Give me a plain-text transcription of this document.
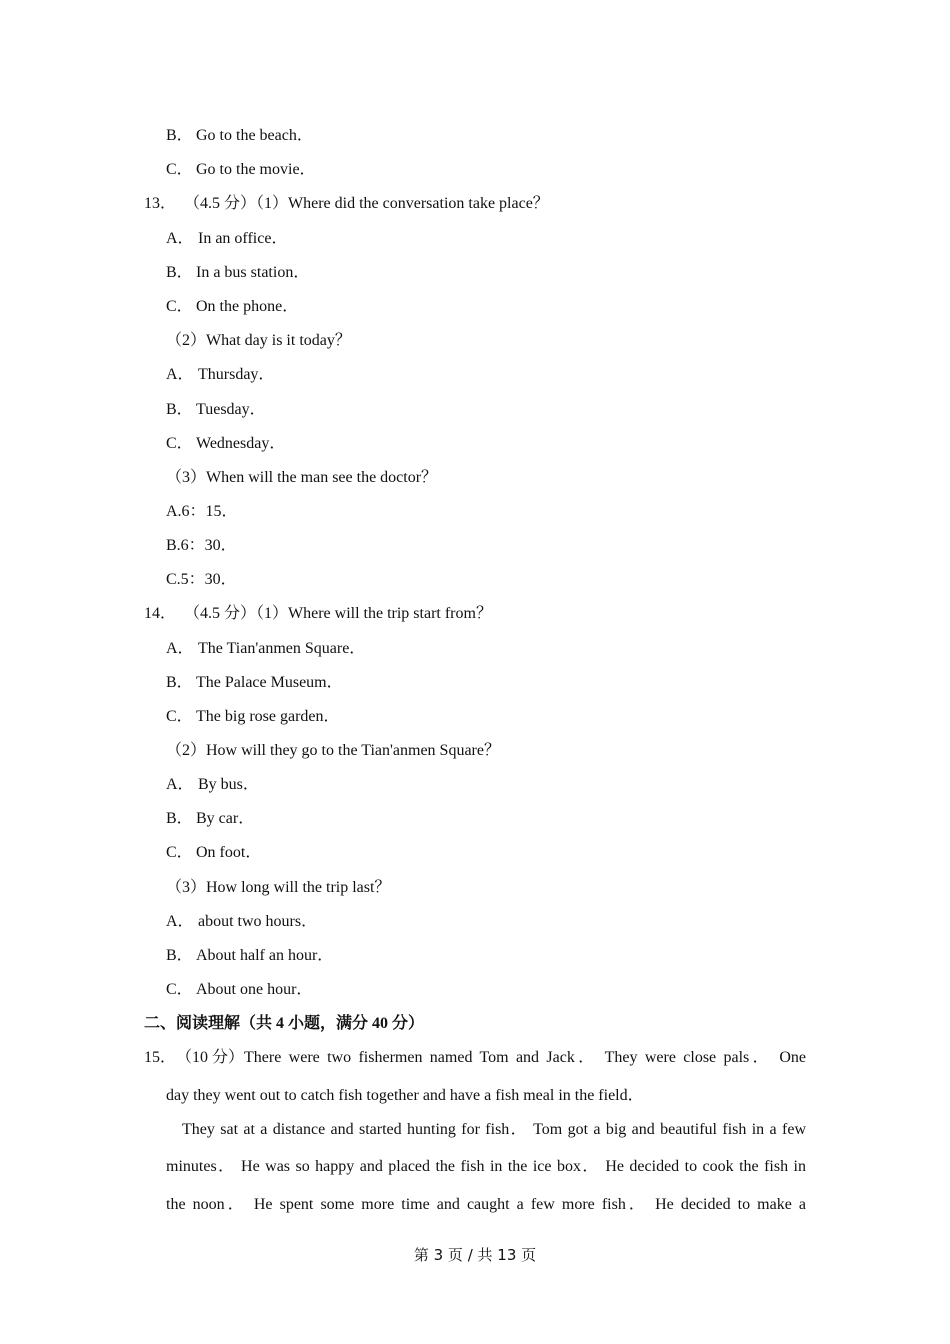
B． Go to the beach．
C． Go to the movie．
13． （4.5 分）（1）Where did the conversation take place？
A． In an office．
B． In a bus station．
C． On the phone．
（2）What day is it today？
A． Thursday．
B． Tuesday．
C． Wednesday．
（3）When will the man see the doctor？
A.6：15．
B.6：30．
C.5：30．
14． （4.5 分）（1）Where will the trip start from？
A． The Tian'anmen Square．
B． The Palace Museum．
C． The big rose garden．
（2）How will they go to the Tian'anmen Square？
A． By bus．
B． By car．
C． On foot．
（3）How long will the trip last？
A． about two hours．
B． About half an hour．
C． About one hour．
二、阅读理解（共 4 小题，满分 40 分）
15． （10 分） There were two fishermen named Tom and Jack． They were close pals． One
day they went out to catch fish together and have a fish meal in the field．
They sat at a distance and started hunting for fish． Tom got a big and beautiful fish in a few
minutes． He was so happy and placed the fish in the ice box． He decided to cook the fish in
the noon． He spent some more time and caught a few more fish． He decided to make a
第 3 页 / 共 13 页
